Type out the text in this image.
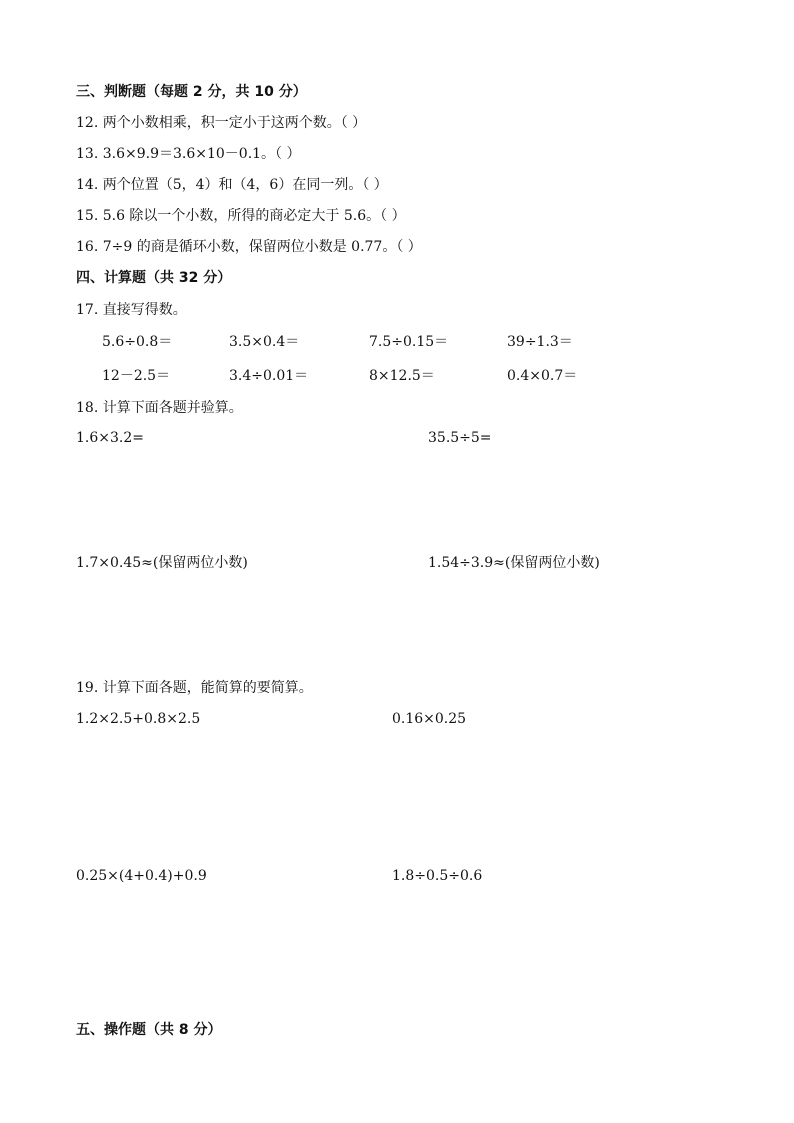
三、判断题（每题 2 分，共 10 分）
12. 两个小数相乘，积一定小于这两个数。（ ）
13. 3.6×9.9＝3.6×10－0.1。（ ）
14. 两个位置（5，4）和（4，6）在同一列。（ ）
15. 5.6 除以一个小数，所得的商必定大于 5.6。（ ）
16. 7÷9 的商是循环小数，保留两位小数是 0.77。（ ）
四、计算题（共 32 分）
17. 直接写得数。
5.6÷0.8＝	3.5×0.4＝	7.5÷0.15＝	39÷1.3＝
12－2.5＝	3.4÷0.01＝	8×12.5＝	0.4×0.7＝
18. 计算下面各题并验算。
1.6×3.2=	35.5÷5=
1.7×0.45≈(保留两位小数)	1.54÷3.9≈(保留两位小数)
19. 计算下面各题，能简算的要简算。
1.2×2.5+0.8×2.5	0.16×0.25
0.25×(4+0.4)+0.9	1.8÷0.5÷0.6
五、操作题（共 8 分）
